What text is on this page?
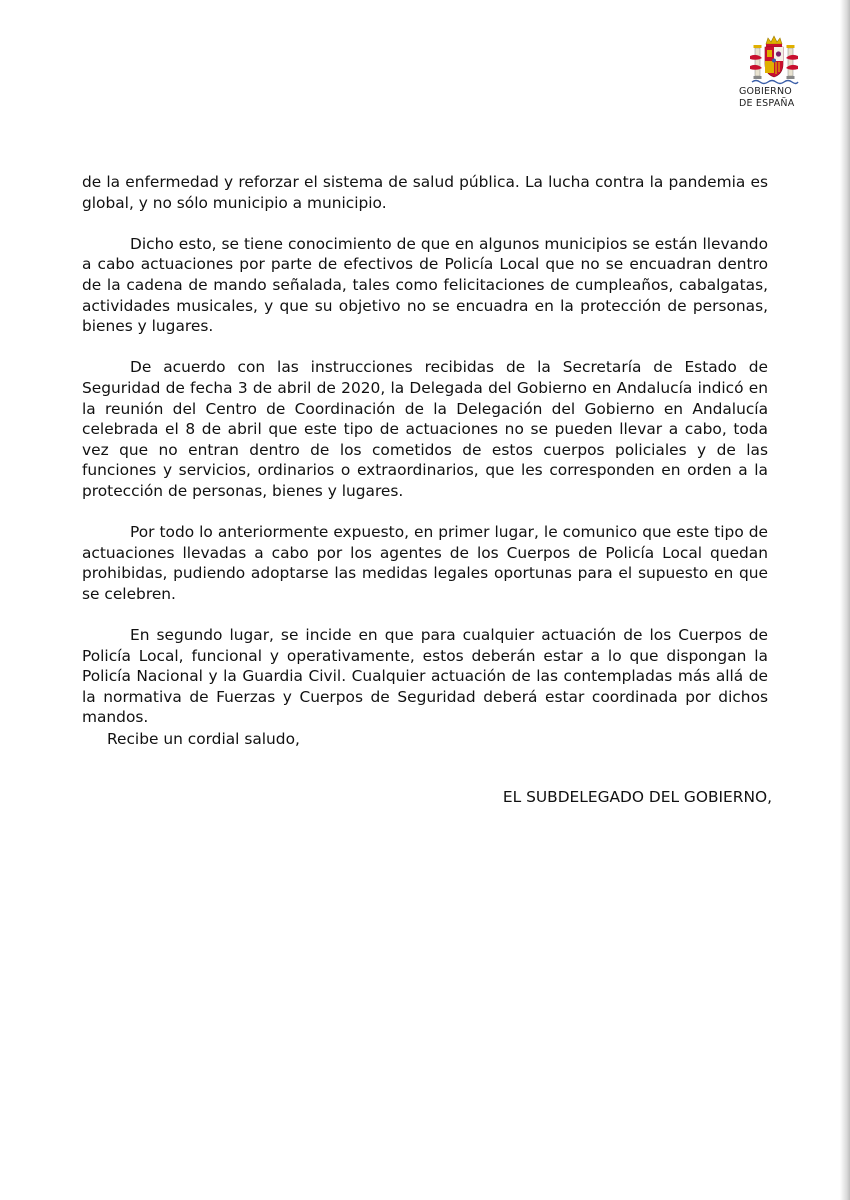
GOBIERNO
DE ESPAÑA

de la enfermedad y reforzar el sistema de salud pública. La lucha contra la pandemia es global, y no sólo municipio a municipio.

Dicho esto, se tiene conocimiento de que en algunos municipios se están llevando a cabo actuaciones por parte de efectivos de Policía Local que no se encuadran dentro de la cadena de mando señalada, tales como felicitaciones de cumpleaños, cabalgatas, actividades musicales, y que su objetivo no se encuadra en la protección de personas, bienes y lugares.

De acuerdo con las instrucciones recibidas de la Secretaría de Estado de Seguridad de fecha 3 de abril de 2020, la Delegada del Gobierno en Andalucía indicó en la reunión del Centro de Coordinación de la Delegación del Gobierno en Andalucía celebrada el 8 de abril que este tipo de actuaciones no se pueden llevar a cabo, toda vez que no entran dentro de los cometidos de estos cuerpos policiales y de las funciones y servicios, ordinarios o extraordinarios, que les corresponden en orden a la protección de personas, bienes y lugares.

Por todo lo anteriormente expuesto, en primer lugar, le comunico que este tipo de actuaciones llevadas a cabo por los agentes de los Cuerpos de Policía Local quedan prohibidas, pudiendo adoptarse las medidas legales oportunas para el supuesto en que se celebren.

En segundo lugar, se incide en que para cualquier actuación de los Cuerpos de Policía Local, funcional y operativamente, estos deberán estar a lo que dispongan la Policía Nacional y la Guardia Civil. Cualquier actuación de las contempladas más allá de la normativa de Fuerzas y Cuerpos de Seguridad deberá estar coordinada por dichos mandos.

Recibe un cordial saludo,
EL SUBDELEGADO DEL GOBIERNO,
